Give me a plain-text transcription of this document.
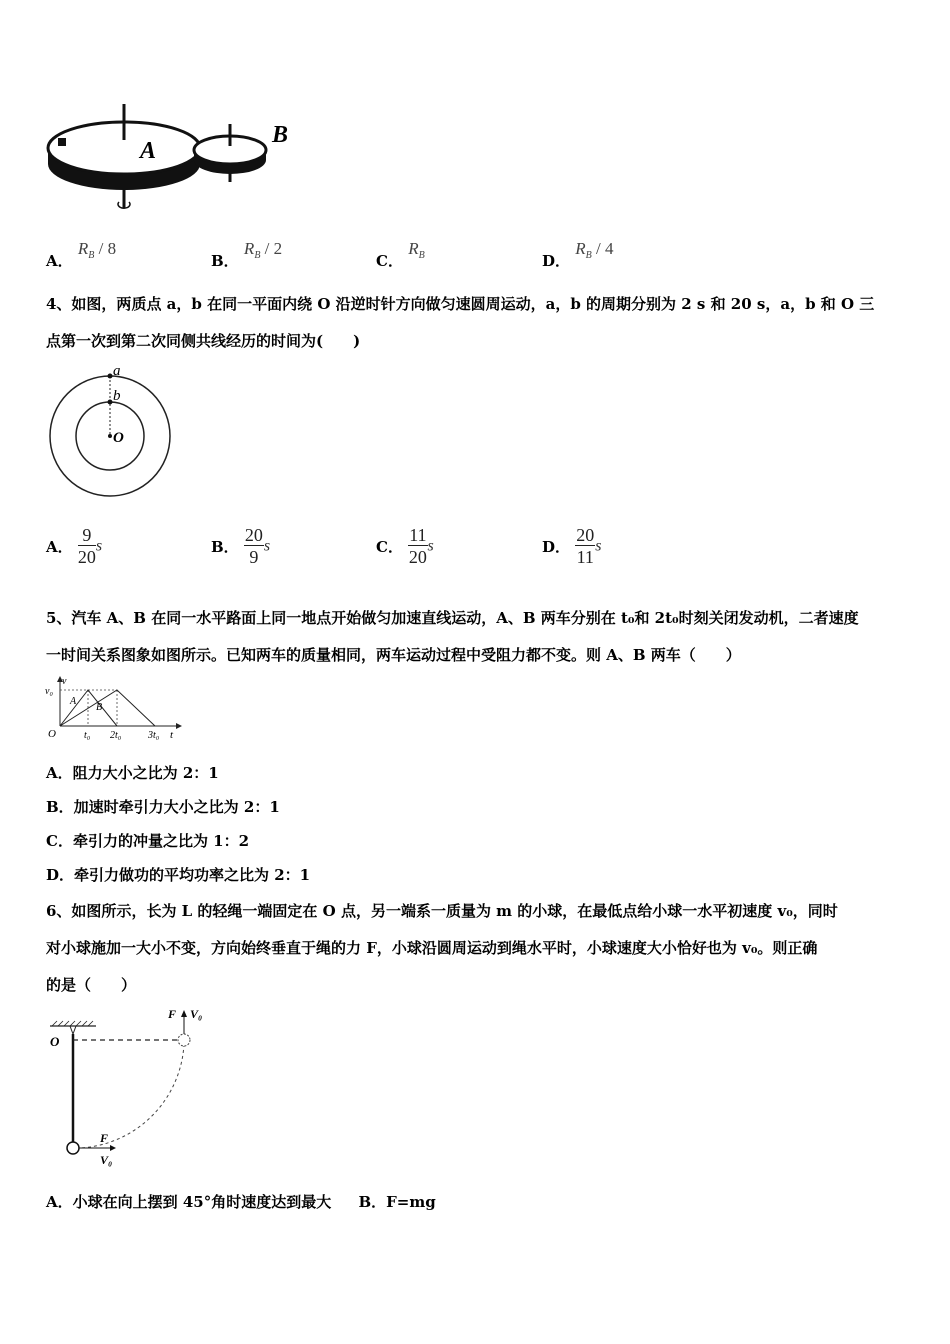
A
B
A． $R_B / 8$
B． $R_B / 2$
C． $R_B$	D． $R_B / 4$
4、如图，两质点 a，b 在同一平面内绕 O 沿逆时针方向做匀速圆周运动，a，b 的周期分别为 2 s 和 20 s，a，b 和 O 三
点第一次到第二次同侧共线经历的时间为(　　)
a
b
O
A． $\frac{9}{20}$ s	B． $\frac{20}{9}$ s	C． $\frac{11}{20}$ s	D． $\frac{20}{11}$ s
5、汽车 A、B 在同一水平路面上同一地点开始做匀加速直线运动，A、B 两车分别在 t₀和 2t₀时刻关闭发动机，二者速度
一时间关系图象如图所示。已知两车的质量相同，两车运动过程中受阻力都不变。则 A、B 两车（　　）
v
v₀
O
A
B
t₀ 2t₀	3t₀ t
A．阻力大小之比为 2：1
B．加速时牵引力大小之比为 2：1
C．牵引力的冲量之比为 1：2
D．牵引力做功的平均功率之比为 2：1
6、如图所示，长为 L 的轻绳一端固定在 O 点，另一端系一质量为 m 的小球，在最低点给小球一水平初速度 v₀，同时
对小球施加一大小不变，方向始终垂直于绳的力 F，小球沿圆周运动到绳水平时，小球速度大小恰好也为 v₀。则正确
的是（　　）
O
F V₀
F
V₀
A．小球在向上摆到 45°角时速度达到最大 B．F=mg
